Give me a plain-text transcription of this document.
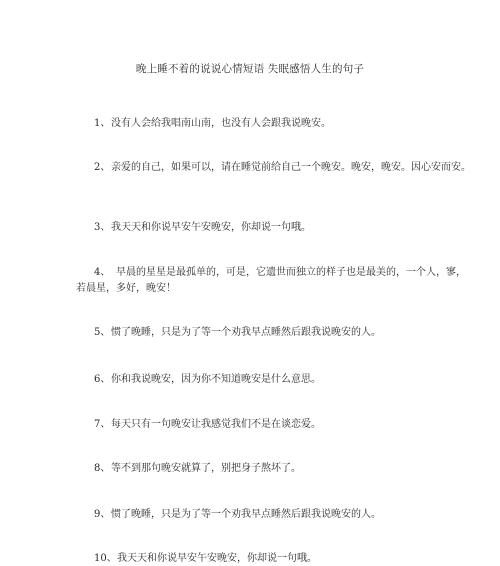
晚上睡不着的说说心情短语 失眠感悟人生的句子
1、 没有人会给我唱南山南，也没有人会跟我说晚安。
2、 亲爱的自己，如果可以，请在睡觉前给自己一个晚安。晚安，晚安。因心安而安。
3、 我天天和你说早安午安晚安，你却说一句哦。
4、 早晨的星星是最孤单的，可是，它遗世而独立的样子也是最美的，一个人，寥，
若晨星，多好，晚安！
5、 惯了晚睡，只是为了等一个劝我早点睡然后跟我说晚安的人。
6、 你和我说晚安，因为你不知道晚安是什么意思。
7、 每天只有一句晚安让我感觉我们不是在谈恋爱。
8、 等不到那句晚安就算了，别把身子熬坏了。
9、 惯了晚睡，只是为了等一个劝我早点睡然后跟我说晚安的人。
10、 我天天和你说早安午安晚安，你却说一句哦。
